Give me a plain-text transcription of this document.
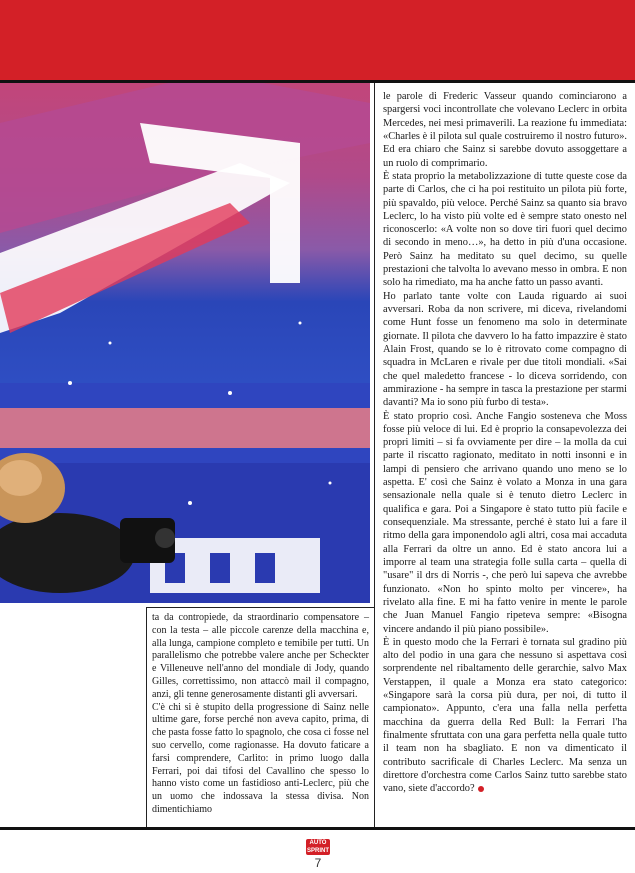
le parole di Frederic Vasseur quando cominciarono a spargersi voci incontrollate che volevano Leclerc in orbita Mercedes, nei mesi primaverili. La reazione fu immediata: «Charles è il pilota sul quale costruiremo il nostro futuro». Ed era chiaro che Sainz si sarebbe dovuto assoggettare a un ruolo di comprimario.

È stata proprio la metabolizzazione di tutte queste cose da parte di Carlos, che ci ha poi restituito un pilota più forte, più spavaldo, più veloce. Perché Sainz sa quanto sia bravo Leclerc, lo ha visto più volte ed è sempre stato onesto nel riconoscerlo: «A volte non so dove tiri fuori quel decimo di secondo in meno…», ha detto in più d'una occasione. Però Sainz ha meditato su quel decimo, su quelle prestazioni che talvolta lo avevano messo in ombra. E non solo ha rimediato, ma ha anche fatto un passo avanti.

Ho parlato tante volte con Lauda riguardo ai suoi avversari. Roba da non scrivere, mi diceva, rivelandomi come Hunt fosse un fenomeno ma solo in determinate giornate. Il pilota che davvero lo ha fatto impazzire è stato Alain Frost, quando se lo è ritrovato come compagno di squadra in McLaren e rivale per due titoli mondiali. «Sai che quel maledetto francese - lo diceva sorridendo, con ammirazione - ha sempre in tasca la prestazione per starmi davanti? Ma io sono più furbo di testa».

È stato proprio così. Anche Fangio sosteneva che Moss fosse più veloce di lui. Ed è proprio la consapevolezza dei propri limiti – si fa ovviamente per dire – la molla da cui parte il riscatto ragionato, meditato in notti insonni e in lampi di pensiero che arrivano quando uno meno se lo aspetta. E' così che Sainz è volato a Monza in una gara sensazionale nella quale si è tenuto dietro Leclerc in qualifica e gara. Poi a Singapore è stato tutto più facile e consequenziale. Ma stressante, perché è stato lui a fare il ritmo della gara imponendolo agli altri, cosa mai accaduta alla Ferrari da oltre un anno. Ed è stato ancora lui a imporre al team una strategia folle sulla carta – quella di "usare" il drs di Norris -, che però lui sapeva che avrebbe funzionato. «Non ho spinto molto per vincere», ha rivelato alla fine. E mi ha fatto venire in mente le parole che Juan Manuel Fangio ripeteva sempre: «Bisogna vincere andando il più piano possibile».

È in questo modo che la Ferrari è tornata sul gradino più alto del podio in una gara che nessuno si aspettava così sorprendente nel ribaltamento delle gerarchie, salvo Max Verstappen, il quale a Monza era stato categorico: «Singapore sarà la corsa più dura, per noi, di tutto il campionato». Appunto, c'era una falla nella perfetta macchina da guerra della Red Bull: la Ferrari l'ha finalmente sfruttata con una gara perfetta nella quale tutto il team non ha sbagliato. E non va dimenticato il contributo sacrificale di Charles Leclerc. Ma senza un direttore d'orchestra come Carlos Sainz tutto sarebbe stato vano, siete d'accordo?

ta da contropiede, da straordinario compensatore – con la testa – alle piccole carenze della macchina e, alla lunga, campione completo e temibile per tutti. Un parallelismo che potrebbe valere anche per Scheckter e Villeneuve nell'anno del mondiale di Jody, quando Gilles, correttissimo, non attaccò mail il compagno, anzi, gli tenne generosamente distanti gli avversari.

C'è chi si è stupito della progressione di Sainz nelle ultime gare, forse perché non aveva capito, prima, di che pasta fosse fatto lo spagnolo, che cosa ci fosse nel suo cervello, come ragionasse. Ha dovuto faticare a farsi comprendere, Carlito: in primo luogo dalla Ferrari, poi dai tifosi del Cavallino che spesso lo hanno visto come un fastidioso anti-Leclerc, più che un uomo che indossava la stessa divisa. Non dimentichiamo

AUTO SPRINT
7
